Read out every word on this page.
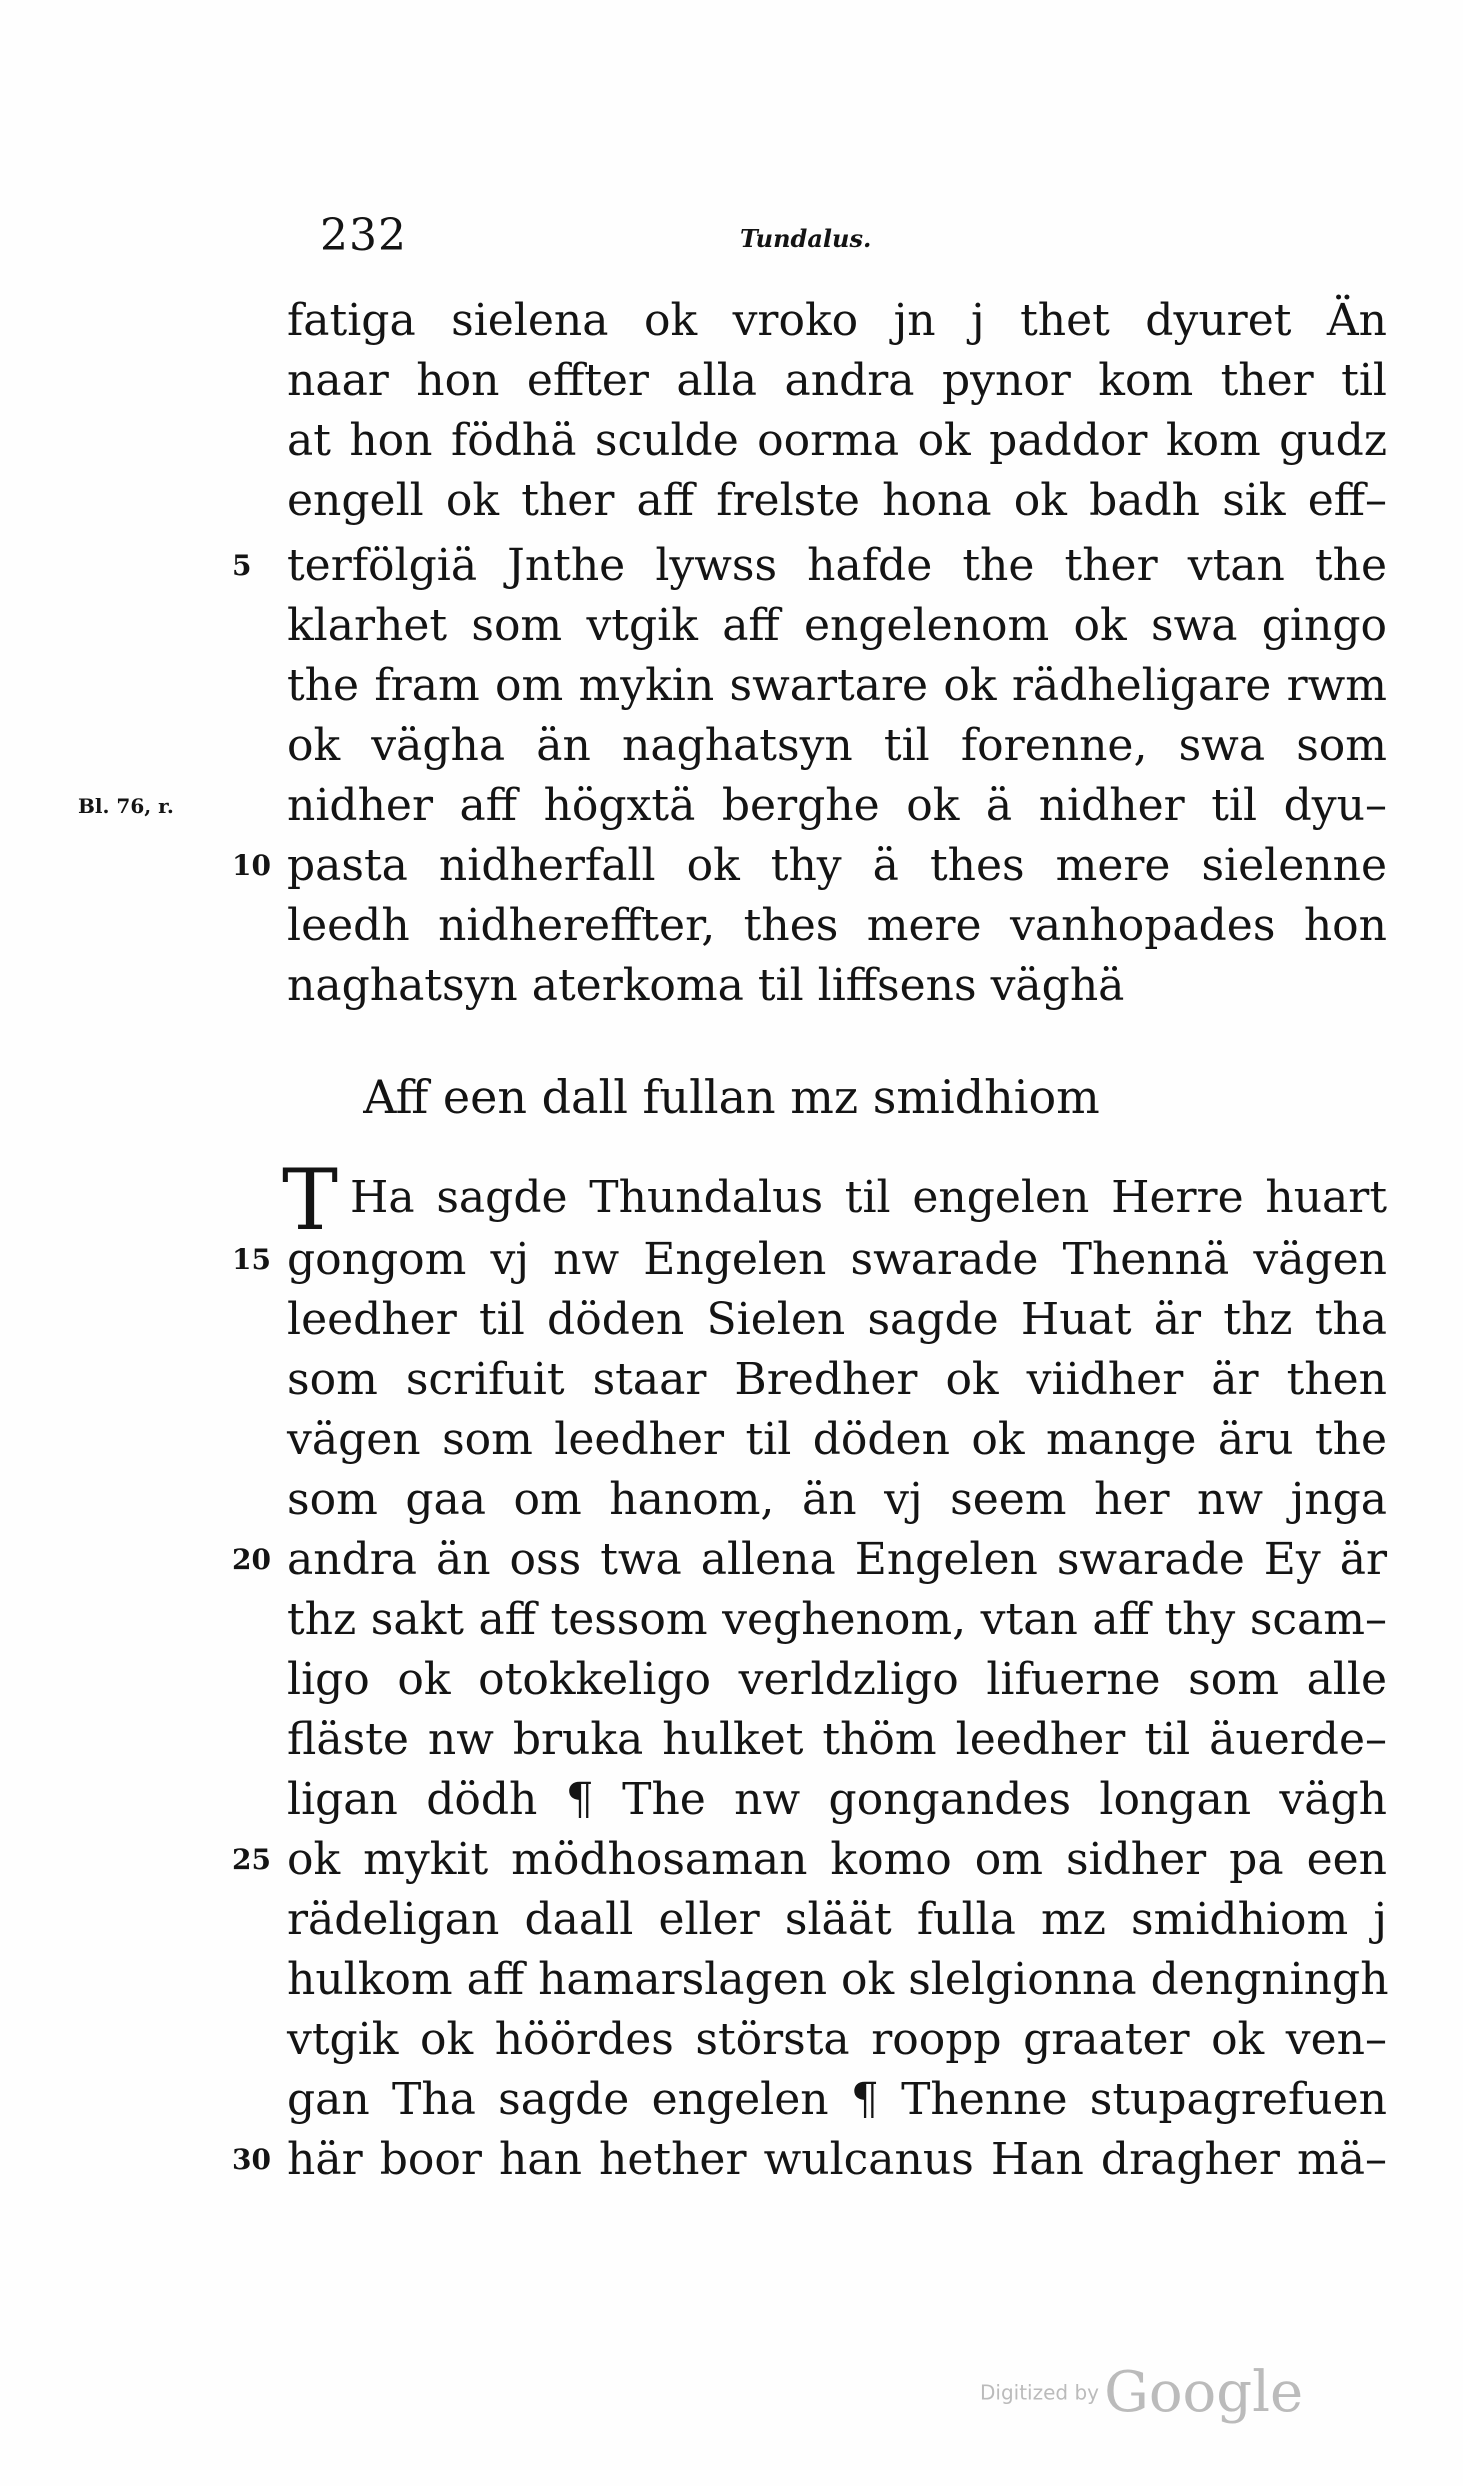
232	Tundalus.
Bl. 76, r.
5
10
15
20
25
30
fatiga sielena ok vroko jn j thet dyuret Än
naar hon effter alla andra pynor kom ther til
at hon födhä sculde oorma ok paddor kom gudz
engell ok ther aff frelste hona ok badh sik eff–
terfölgiä Jnthe lywss hafde the ther vtan the
klarhet som vtgik aff engelenom ok swa gingo
the fram om mykin swartare ok rädheligare rwm
ok vägha än naghatsyn til forenne, swa som
nidher aff högxtä berghe ok ä nidher til dyu–
pasta nidherfall ok thy ä thes mere sielenne
leedh nidhereffter, thes mere vanhopades hon
naghatsyn aterkoma til liffsens väghä
Aff een dall fullan mz smidhiom
T Ha sagde Thundalus til engelen Herre huart
gongom vj nw Engelen swarade Thennä vägen
leedher til döden Sielen sagde Huat är thz tha
som scrifuit staar Bredher ok viidher är then
vägen som leedher til döden ok mange äru the
som gaa om hanom, än vj seem her nw jnga
andra än oss twa allena Engelen swarade Ey är
thz sakt aff tessom veghenom, vtan aff thy scam–
ligo ok otokkeligo verldzligo lifuerne som alle
fläste nw bruka hulket thöm leedher til äuerde–
ligan dödh ¶ The nw gongandes longan vägh
ok mykit mödhosaman komo om sidher pa een
rädeligan daall eller släät fulla mz smidhiom j
hulkom aff hamarslagen ok slelgionna dengningh
vtgik ok höördes största roopp graater ok ven–
gan Tha sagde engelen ¶ Thenne stupagrefuen
här boor han hether wulcanus Han dragher mä–
Digitized by Google
